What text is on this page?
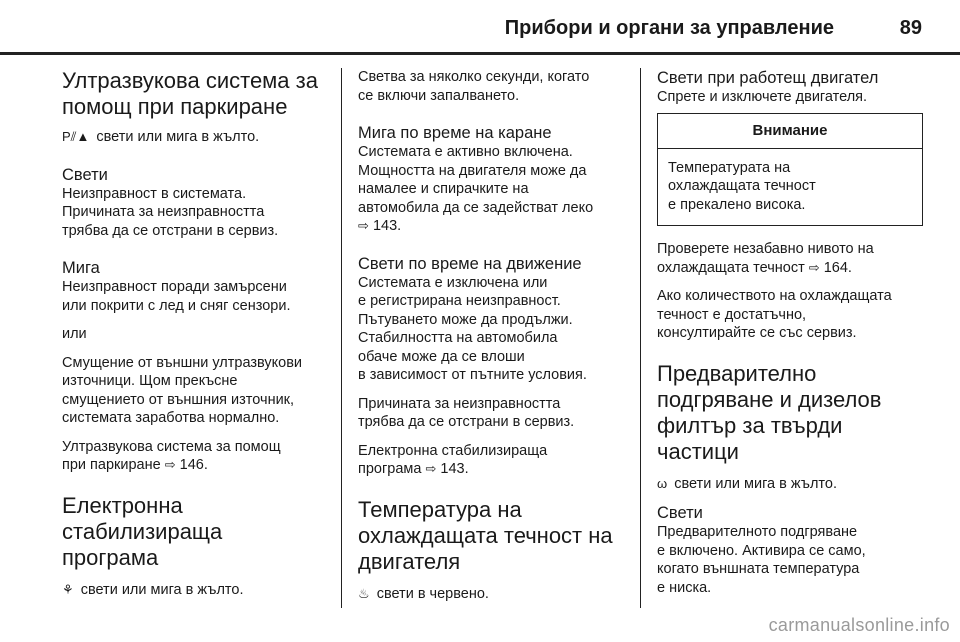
Прибори и органи за управление	89
Ултразвукова система за
помощ при паркиране

P⫽▲ свети или мига в жълто.

Свети

Неизправност в системата.
Причината за неизправността
трябва да се отстрани в сервиз.

Мига

Неизправност поради замърсени
или покрити с лед и сняг сензори.

или

Смущение от външни ултразвукови
източници. Щом прекъсне
смущението от външния източник,
системата заработва нормално.

Ултразвукова система за помощ
при паркиране ⇨ 146.

Електронна
стабилизираща
програма

⚘ свети или мига в жълто.

Светва за няколко секунди, когато
се включи запалването.

Мига по време на каране

Системата е активно включена.
Мощността на двигателя може да
намалее и спирачките на
автомобила да се задействат леко
⇨ 143.

Свети по време на движение

Системата е изключена или
е регистрирана неизправност.
Пътуването може да продължи.
Стабилността на автомобила
обаче може да се влоши
в зависимост от пътните условия.

Причината за неизправността
трябва да се отстрани в сервиз.

Електронна стабилизираща
програма ⇨ 143.

Температура на
охлаждащата течност на
двигателя

♨ свети в червено.

Свети при работещ двигател

Спрете и изключете двигателя.

Внимание

Температурата на
охлаждащата течност
е прекалено висока.

Проверете незабавно нивото на
охлаждащата течност ⇨ 164.

Ако количеството на охлаждащата
течност е достатъчно,
консултирайте се със сервиз.

Предварително
подгряване и дизелов
филтър за твърди
частици

ω свети или мига в жълто.

Свети

Предварителното подгряване
е включено. Активира се само,
когато външната температура
е ниска.

carmanualsonline.info
